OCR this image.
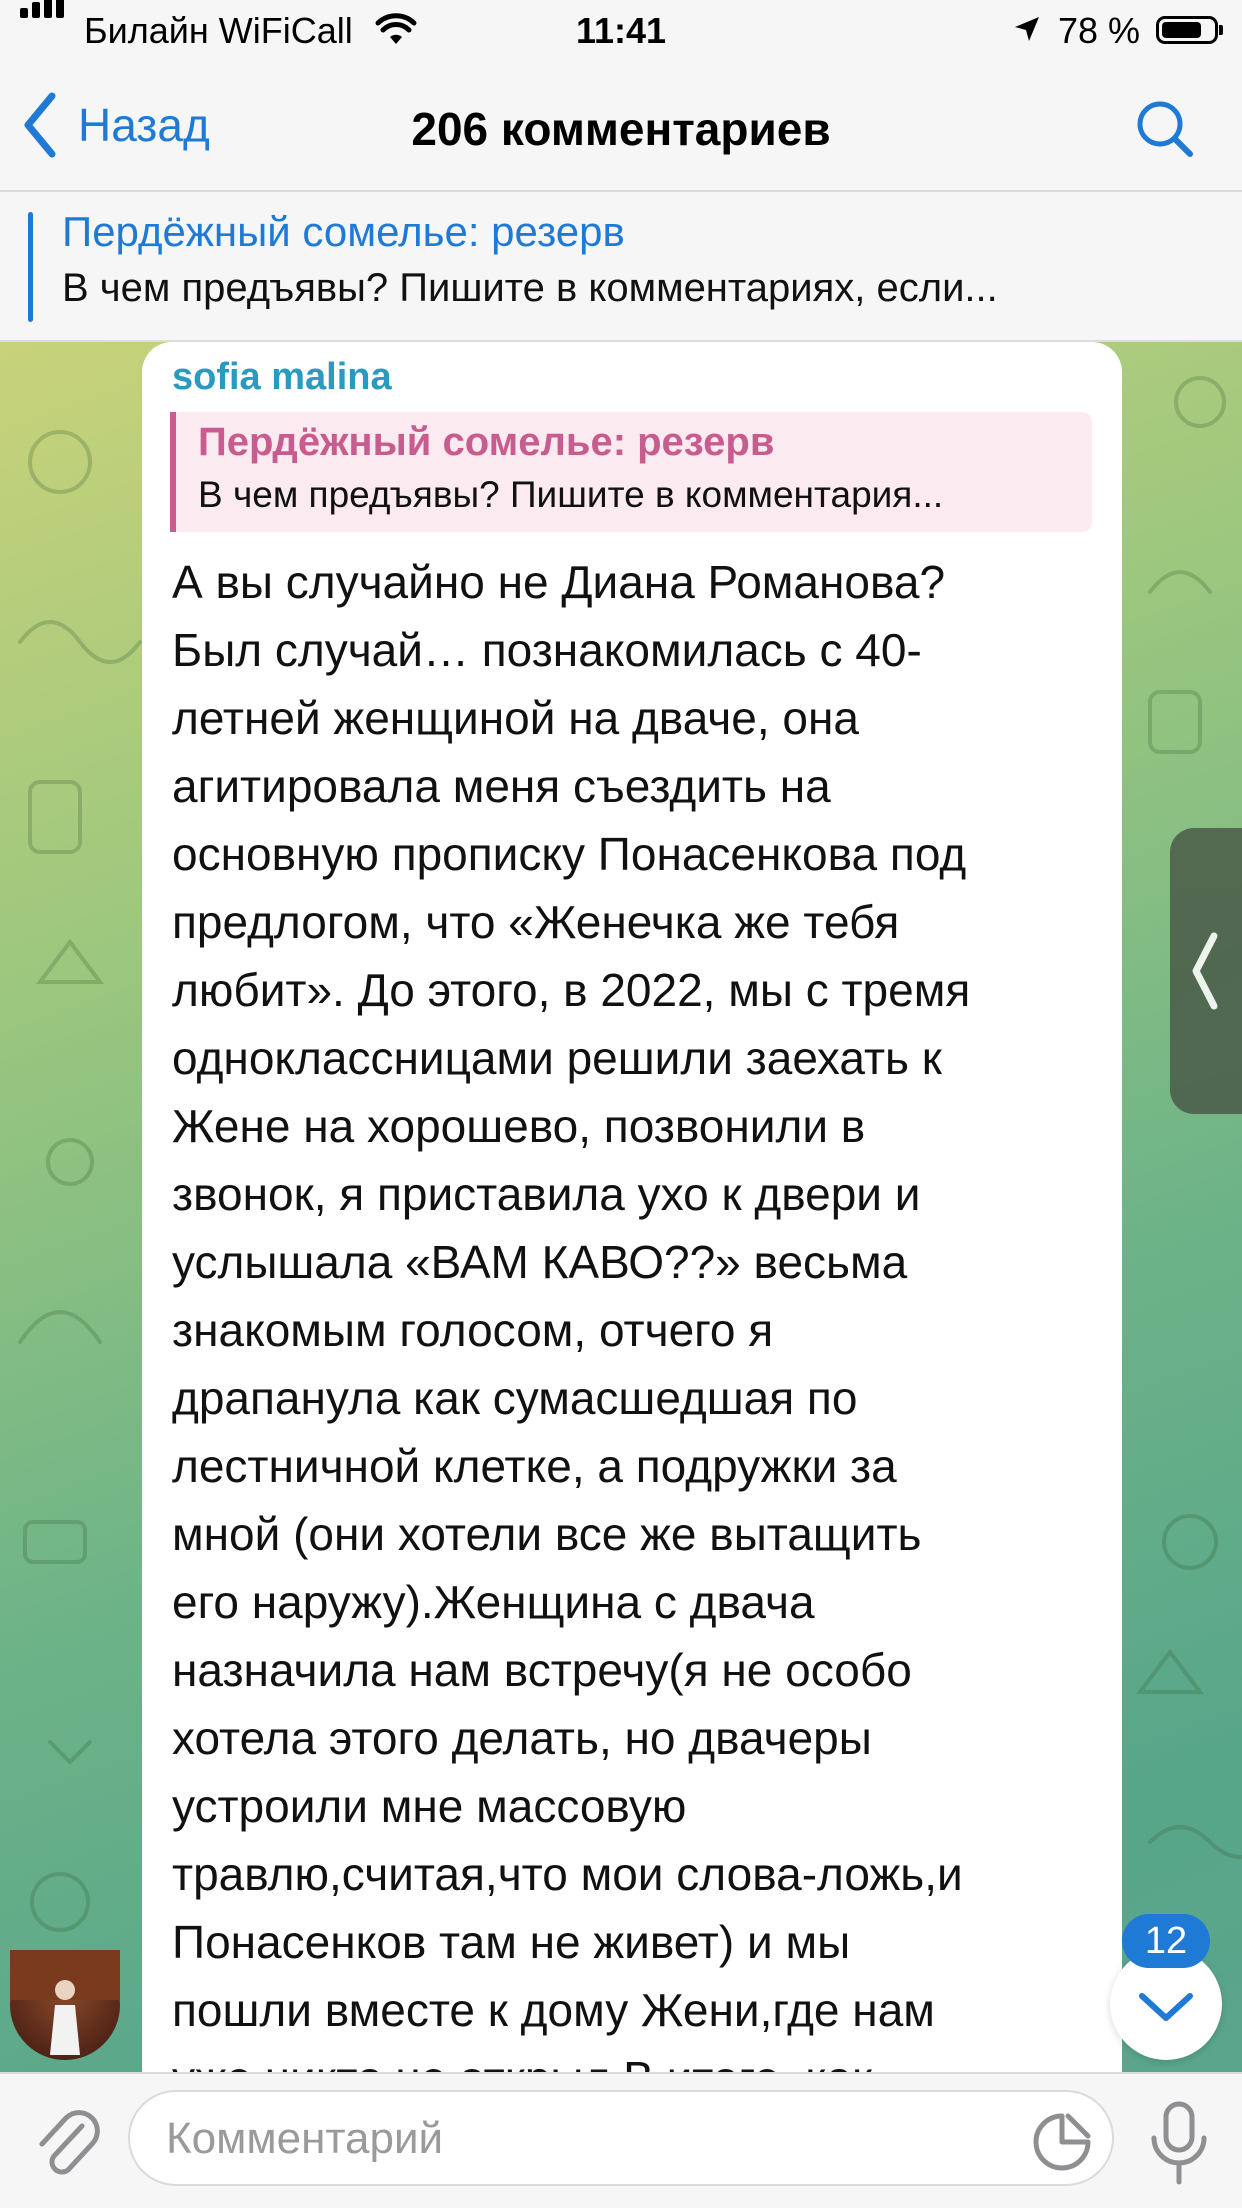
Билайн WiFiCall	11:41	78 %
Назад	206 комментариев
Пердёжный сомелье: резерв
В чем предъявы? Пишите в комментариях, если...
sofia malina
Пердёжный сомелье: резерв
В чем предъявы? Пишите в комментария...
А вы случайно не Диана Романова?
Был случай… познакомилась с 40-
летней женщиной на дваче, она
агитировала меня съездить на
основную прописку Понасенкова под
предлогом, что «Женечка же тебя
любит». До этого, в 2022, мы с тремя
одноклассницами решили заехать к
Жене на хорошево, позвонили в
звонок, я приставила ухо к двери и
услышала «ВАМ КАВО??» весьма
знакомым голосом, отчего я
драпанула как сумасшедшая по
лестничной клетке, а подружки за
мной (они хотели все же вытащить
его наружу).Женщина с двача
назначила нам встречу(я не особо
хотела этого делать, но двачеры
устроили мне массовую
травлю,считая,что мои слова-ложь,и
Понасенков там не живет) и мы
пошли вместе к дому Жени,где нам
12
Комментарий
